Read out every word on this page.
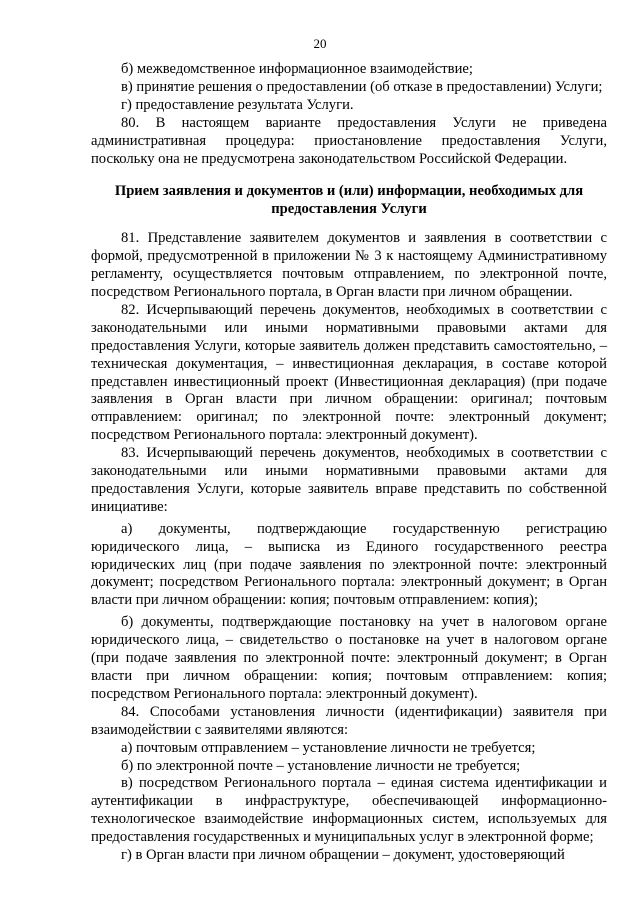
20

б) межведомственное информационное взаимодействие;

в) принятие решения о предоставлении (об отказе в предоставлении) Услуги;

г) предоставление результата Услуги.

80. В настоящем варианте предоставления Услуги не приведена административная процедура: приостановление предоставления Услуги, поскольку она не предусмотрена законодательством Российской Федерации.

Прием заявления и документов и (или) информации, необходимых для предоставления Услуги

81. Представление заявителем документов и заявления в соответствии с формой, предусмотренной в приложении № 3 к настоящему Административному регламенту, осуществляется почтовым отправлением, по электронной почте, посредством Регионального портала, в Орган власти при личном обращении.

82. Исчерпывающий перечень документов, необходимых в соответствии с законодательными или иными нормативными правовыми актами для предоставления Услуги, которые заявитель должен представить самостоятельно, – техническая документация, – инвестиционная декларация, в составе которой представлен инвестиционный проект (Инвестиционная декларация) (при подаче заявления в Орган власти при личном обращении: оригинал; почтовым отправлением: оригинал; по электронной почте: электронный документ; посредством Регионального портала: электронный документ).

83. Исчерпывающий перечень документов, необходимых в соответствии с законодательными или иными нормативными правовыми актами для предоставления Услуги, которые заявитель вправе представить по собственной инициативе:

а) документы, подтверждающие государственную регистрацию юридического лица, – выписка из Единого государственного реестра юридических лиц (при подаче заявления по электронной почте: электронный документ; посредством Регионального портала: электронный документ; в Орган власти при личном обращении: копия; почтовым отправлением: копия);

б) документы, подтверждающие постановку на учет в налоговом органе юридического лица, – свидетельство о постановке на учет в налоговом органе (при подаче заявления по электронной почте: электронный документ; в Орган власти при личном обращении: копия; почтовым отправлением: копия; посредством Регионального портала: электронный документ).

84. Способами установления личности (идентификации) заявителя при взаимодействии с заявителями являются:

а) почтовым отправлением – установление личности не требуется;

б) по электронной почте – установление личности не требуется;

в) посредством Регионального портала – единая система идентификации и аутентификации в инфраструктуре, обеспечивающей информационно-технологическое взаимодействие информационных систем, используемых для предоставления государственных и муниципальных услуг в электронной форме;

г) в Орган власти при личном обращении – документ, удостоверяющий
